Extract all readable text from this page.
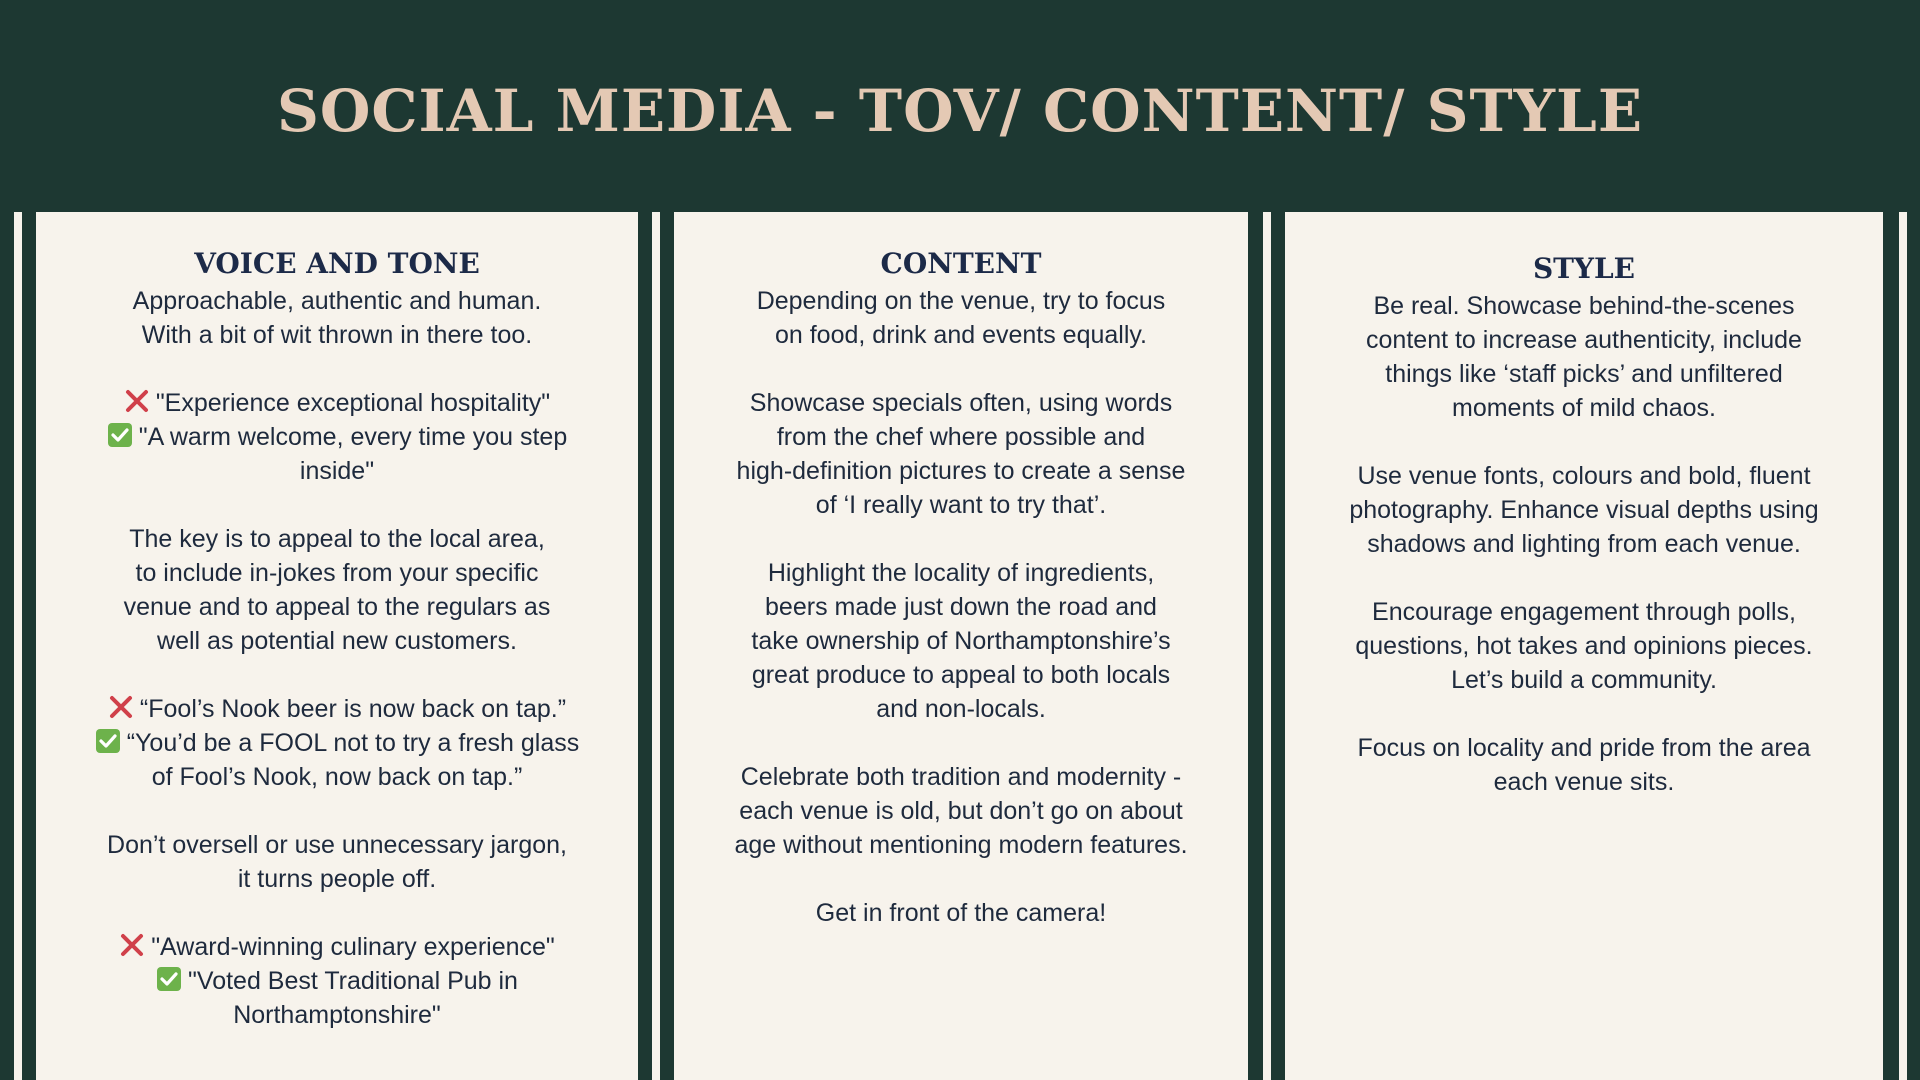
SOCIAL MEDIA - TOV/ CONTENT/ STYLE
VOICE AND TONE
Approachable, authentic and human.
With a bit of wit thrown in there too.
"Experience exceptional hospitality"
"A warm welcome, every time you step
inside"
The key is to appeal to the local area,
to include in-jokes from your specific
venue and to appeal to the regulars as
well as potential new customers.
“Fool’s Nook beer is now back on tap.”
“You’d be a FOOL not to try a fresh glass
of Fool’s Nook, now back on tap.”
Don’t oversell or use unnecessary jargon,
it turns people off.
"Award-winning culinary experience"
"Voted Best Traditional Pub in
Northamptonshire"
CONTENT
Depending on the venue, try to focus
on food, drink and events equally.
Showcase specials often, using words
from the chef where possible and
high-definition pictures to create a sense
of ‘I really want to try that’.
Highlight the locality of ingredients,
beers made just down the road and
take ownership of Northamptonshire’s
great produce to appeal to both locals
and non-locals.
Celebrate both tradition and modernity -
each venue is old, but don’t go on about
age without mentioning modern features.
Get in front of the camera!
STYLE
Be real. Showcase behind-the-scenes
content to increase authenticity, include
things like ‘staff picks’ and unfiltered
moments of mild chaos.
Use venue fonts, colours and bold, fluent
photography. Enhance visual depths using
shadows and lighting from each venue.
Encourage engagement through polls,
questions, hot takes and opinions pieces.
Let’s build a community.
Focus on locality and pride from the area
each venue sits.
